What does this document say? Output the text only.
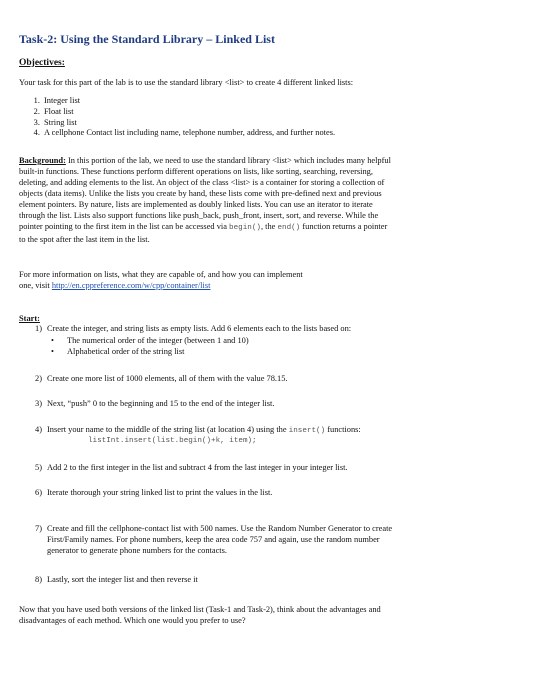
Task-2: Using the Standard Library – Linked List
Objectives:
Your task for this part of the lab is to use the standard library <list> to create 4 different linked lists:
1. Integer list
2. Float list
3. String list
4. A cellphone Contact list including name, telephone number, address, and further notes.
Background: In this portion of the lab, we need to use the standard library <list> which includes many helpful
built-in functions. These functions perform different operations on lists, like sorting, searching, reversing,
deleting, and adding elements to the list. An object of the class <list> is a container for storing a collection of
objects (data items). Unlike the lists you create by hand, these lists come with pre-defined next and previous
element pointers. By nature, lists are implemented as doubly linked lists. You can use an iterator to iterate
through the list. Lists also support functions like push_back, push_front, insert, sort, and reverse. While the
pointer pointing to the first item in the list can be accessed via begin(), the end() function returns a pointer
to the spot after the last item in the list.
For more information on lists, what they are capable of, and how you can implement
one, visit http://en.cppreference.com/w/cpp/container/list
Start:
1) Create the integer, and string lists as empty lists. Add 6 elements each to the lists based on:
• The numerical order of the integer (between 1 and 10)
• Alphabetical order of the string list
2) Create one more list of 1000 elements, all of them with the value 78.15.
3) Next, “push” 0 to the beginning and 15 to the end of the integer list.
4) Insert your name to the middle of the string list (at location 4) using the insert() functions:
listInt.insert(list.begin()+k, item);
5) Add 2 to the first integer in the list and subtract 4 from the last integer in your integer list.
6) Iterate thorough your string linked list to print the values in the list.
7) Create and fill the cellphone-contact list with 500 names. Use the Random Number Generator to create
First/Family names. For phone numbers, keep the area code 757 and again, use the random number
generator to generate phone numbers for the contacts.
8) Lastly, sort the integer list and then reverse it
Now that you have used both versions of the linked list (Task-1 and Task-2), think about the advantages and
disadvantages of each method. Which one would you prefer to use?
